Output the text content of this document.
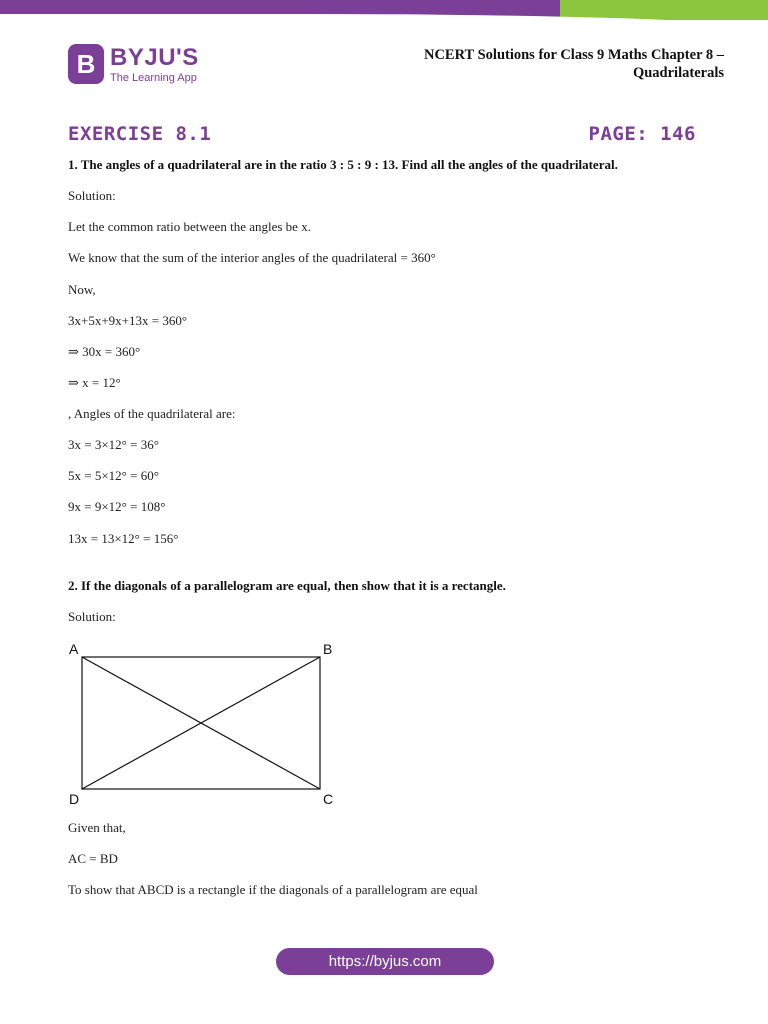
B BYJU'S
The Learning App
NCERT Solutions for Class 9 Maths Chapter 8 –
Quadrilaterals
EXERCISE 8.1	PAGE: 146
1. The angles of a quadrilateral are in the ratio 3 : 5 : 9 : 13. Find all the angles of the quadrilateral.
Solution:
Let the common ratio between the angles be x.
We know that the sum of the interior angles of the quadrilateral = 360°
Now,
3x+5x+9x+13x = 360°
⇒ 30x = 360°
⇒ x = 12°
, Angles of the quadrilateral are:
3x = 3×12° = 36°
5x = 5×12° = 60°
9x = 9×12° = 108°
13x = 13×12° = 156°
2. If the diagonals of a parallelogram are equal, then show that it is a rectangle.
Solution:
A	B
C
D
Given that,
AC = BD
To show that ABCD is a rectangle if the diagonals of a parallelogram are equal
https://byjus.com
